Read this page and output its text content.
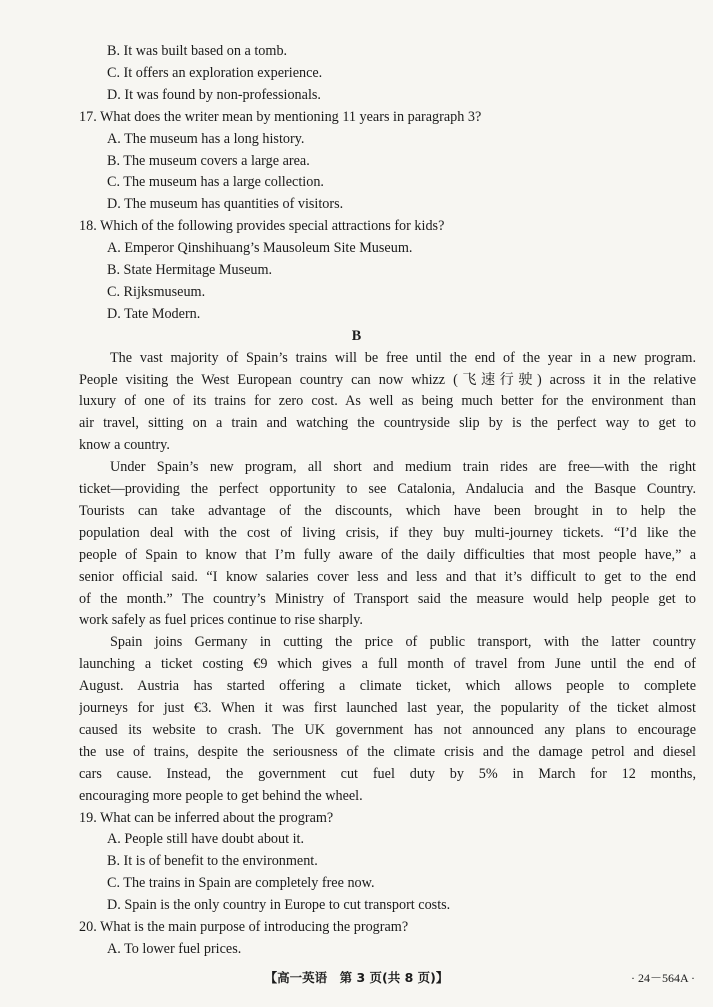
B. It was built based on a tomb.
C. It offers an exploration experience.
D. It was found by non-professionals.
17. What does the writer mean by mentioning 11 years in paragraph 3?
A. The museum has a long history.
B. The museum covers a large area.
C. The museum has a large collection.
D. The museum has quantities of visitors.
18. Which of the following provides special attractions for kids?
A. Emperor Qinshihuang’s Mausoleum Site Museum.
B. State Hermitage Museum.
C. Rijksmuseum.
D. Tate Modern.
B
The vast majority of Spain’s trains will be free until the end of the year in a new program.
People visiting the West European country can now whizz (飞速行驶) across it in the relative
luxury of one of its trains for zero cost. As well as being much better for the environment than
air travel, sitting on a train and watching the countryside slip by is the perfect way to get to
know a country.
Under Spain’s new program, all short and medium train rides are free—with the right
ticket—providing the perfect opportunity to see Catalonia, Andalucia and the Basque Country.
Tourists can take advantage of the discounts, which have been brought in to help the
population deal with the cost of living crisis, if they buy multi-journey tickets. “I’d like the
people of Spain to know that I’m fully aware of the daily difficulties that most people have,” a
senior official said. “I know salaries cover less and less and that it’s difficult to get to the end
of the month.” The country’s Ministry of Transport said the measure would help people get to
work safely as fuel prices continue to rise sharply.
Spain joins Germany in cutting the price of public transport, with the latter country
launching a ticket costing €9 which gives a full month of travel from June until the end of
August. Austria has started offering a climate ticket, which allows people to complete
journeys for just €3. When it was first launched last year, the popularity of the ticket almost
caused its website to crash. The UK government has not announced any plans to encourage
the use of trains, despite the seriousness of the climate crisis and the damage petrol and diesel
cars cause. Instead, the government cut fuel duty by 5% in March for 12 months,
encouraging more people to get behind the wheel.
19. What can be inferred about the program?
A. People still have doubt about it.
B. It is of benefit to the environment.
C. The trains in Spain are completely free now.
D. Spain is the only country in Europe to cut transport costs.
20. What is the main purpose of introducing the program?
A. To lower fuel prices.
【高一英语　第 3 页(共 8 页)】	· 24－564A ·
